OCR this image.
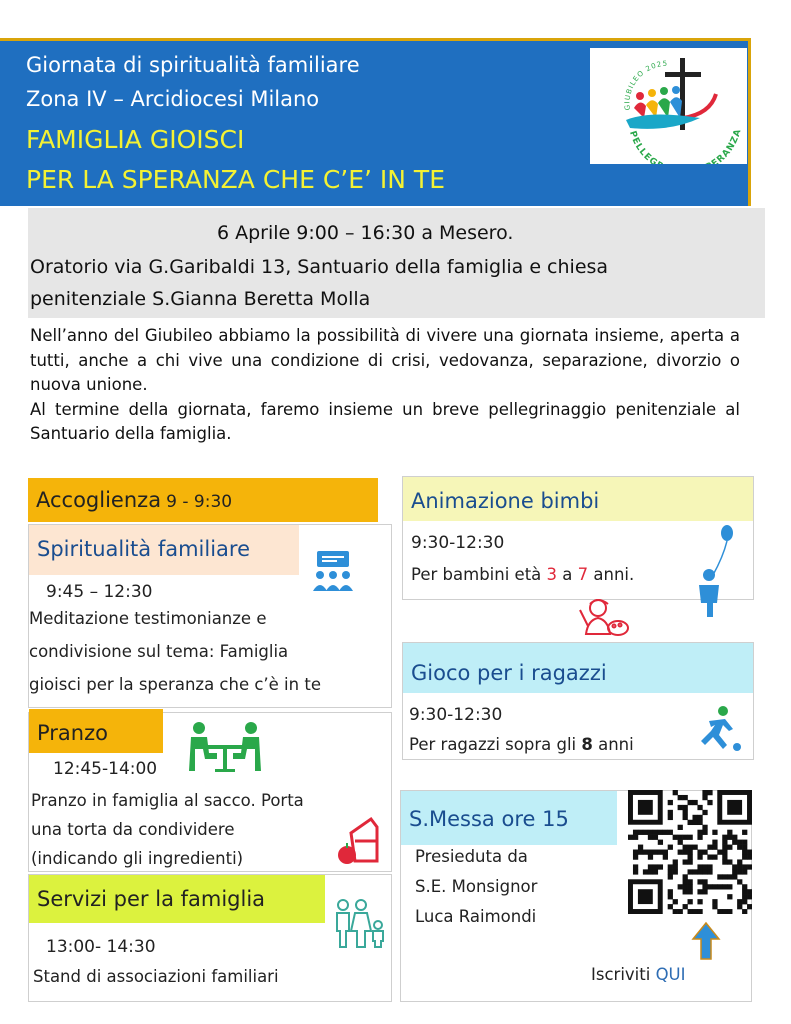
Giornata di spiritualità familiare
Zona IV – Arcidiocesi Milano
FAMIGLIA GIOISCI
PER LA SPERANZA CHE C’E’ IN TE
GIUBILEO 2025
PELLEG ERANZA
6 Aprile 9:00 – 16:30 a Mesero.
Oratorio via G.Garibaldi 13, Santuario della famiglia e chiesa
penitenziale S.Gianna Beretta Molla

Nell’anno del Giubileo abbiamo la possibilità di vivere una giornata insieme, aperta a tutti, anche a chi vive una condizione di crisi, vedovanza, separazione, divorzio o nuova unione.

Al termine della giornata, faremo insieme un breve pellegrinaggio penitenziale al Santuario della famiglia.

Accoglienza 9 - 9:30
Spiritualità familiare
9:45 – 12:30
Meditazione testimonianze e
condivisione sul tema: Famiglia
gioisci per la speranza che c’è in te
Pranzo
12:45-14:00
Pranzo in famiglia al sacco. Porta
una torta da condividere
(indicando gli ingredienti)
Servizi per la famiglia
13:00- 14:30
Stand di associazioni familiari
Animazione bimbi
9:30-12:30
Per bambini età 3 a 7 anni.
Gioco per i ragazzi
9:30-12:30
Per ragazzi sopra gli 8 anni
S.Messa ore 15
Presieduta da
S.E. Monsignor
Luca Raimondi
Iscriviti QUI
